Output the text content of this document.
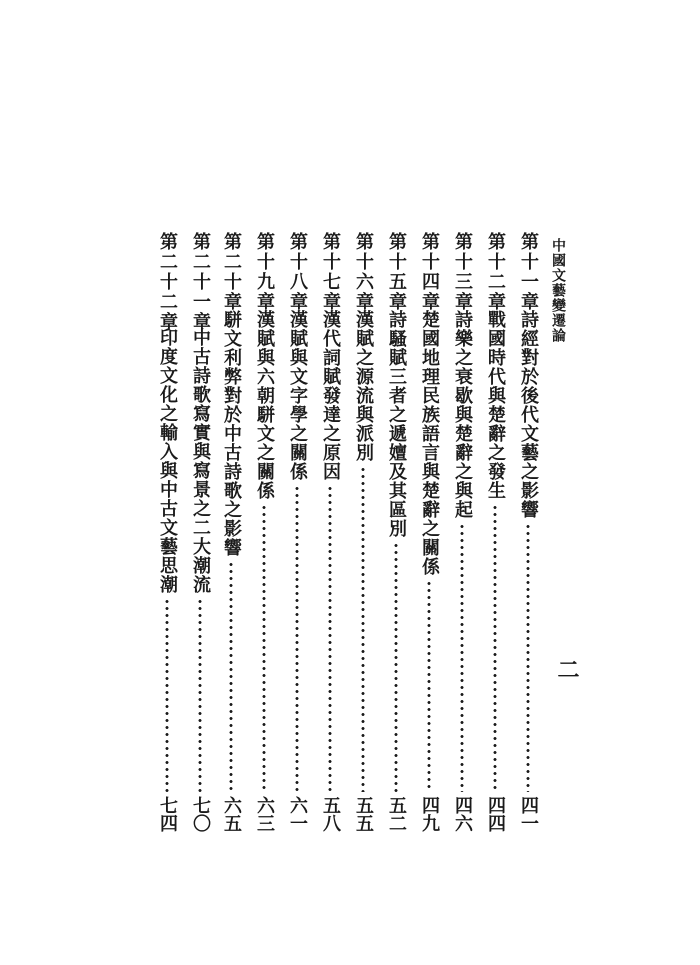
中國文藝變遷論
二
第十一章
詩經對於後代文藝之影響
四一
第十二章
戰國時代與楚辭之發生
四四
第十三章
詩樂之衰歇與楚辭之與起
四六
第十四章
楚國地理民族語言與楚辭之關係
四九
第十五章
詩騷賦三者之遞嬗及其區別
五二
第十六章
漢賦之源流與派別
五五
第十七章
漢代詞賦發達之原因
五八
第十八章
漢賦與文字學之關係
六一
第十九章
漢賦與六朝駢文之關係
六三
第二十章
駢文利弊對於中古詩歌之影響
六五
第二十一章
中古詩歌寫實與寫景之二大潮流
七〇
第二十二章
印度文化之輸入與中古文藝思潮
七四
